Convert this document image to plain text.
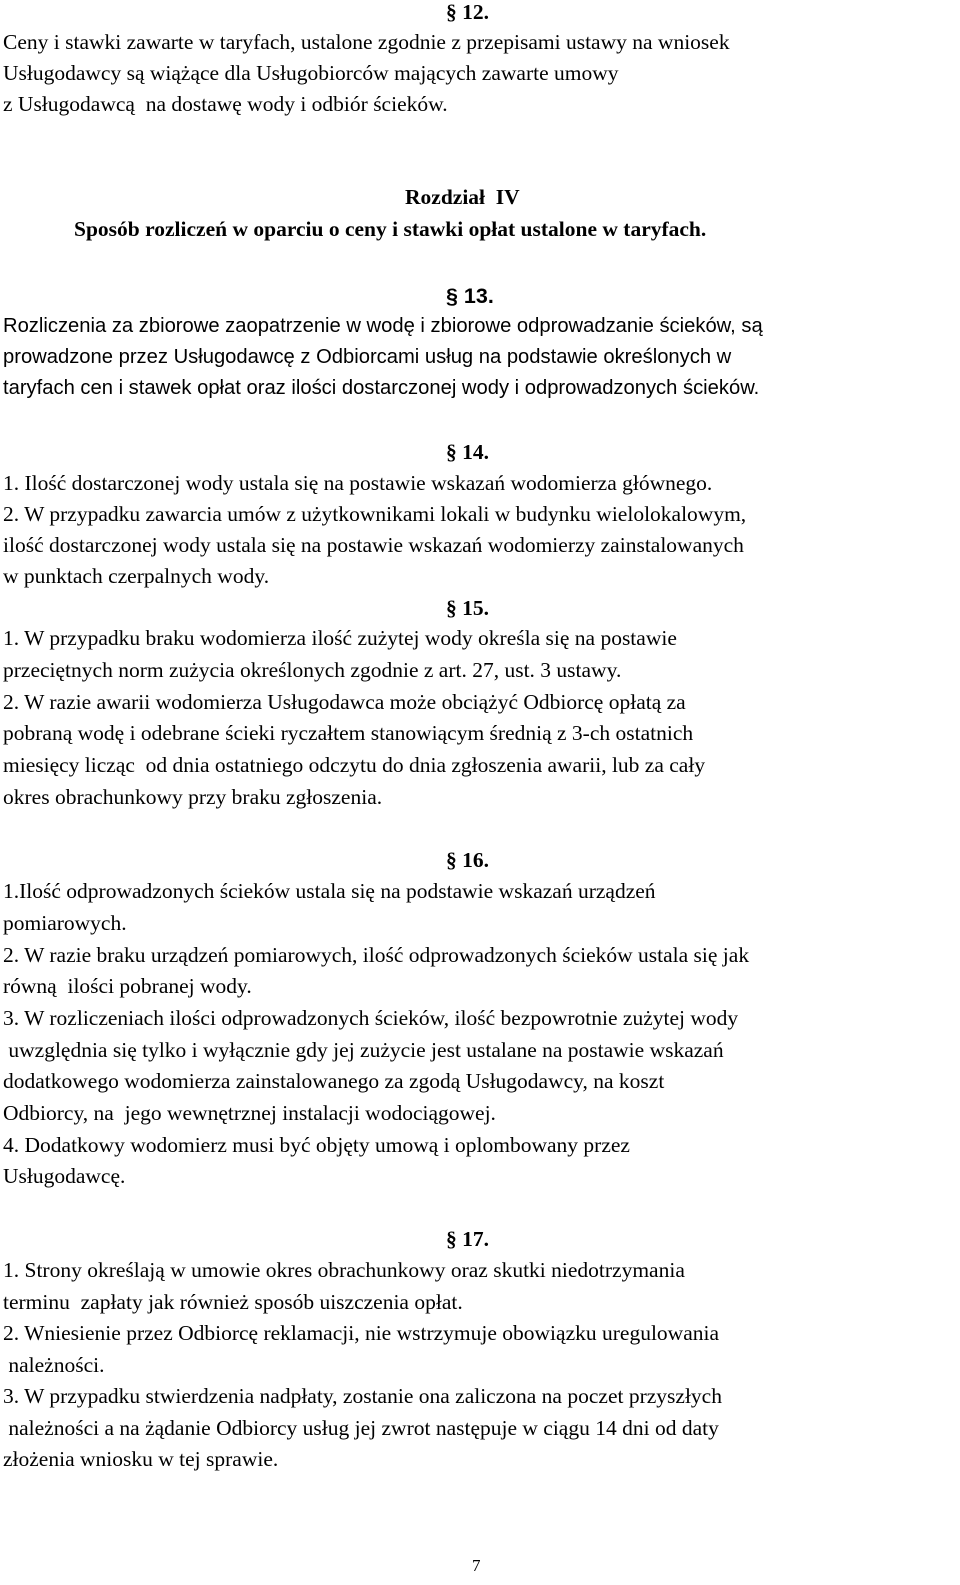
§ 12.
Ceny i stawki zawarte w taryfach, ustalone zgodnie z przepisami ustawy na wniosek
Usługodawcy są wiążące dla Usługobiorców mających zawarte umowy
z Usługodawcą  na dostawę wody i odbiór ścieków.
Rozdział  IV
Sposób rozliczeń w oparciu o ceny i stawki opłat ustalone w taryfach.
§ 13.
Rozliczenia za zbiorowe zaopatrzenie w wodę i zbiorowe odprowadzanie ścieków, są
prowadzone przez Usługodawcę z Odbiorcami usług na podstawie określonych w
taryfach cen i stawek opłat oraz ilości dostarczonej wody i odprowadzonych ścieków.
§ 14.
1. Ilość dostarczonej wody ustala się na postawie wskazań wodomierza głównego.
2. W przypadku zawarcia umów z użytkownikami lokali w budynku wielolokalowym,
ilość dostarczonej wody ustala się na postawie wskazań wodomierzy zainstalowanych
w punktach czerpalnych wody.
§ 15.
1. W przypadku braku wodomierza ilość zużytej wody określa się na postawie
przeciętnych norm zużycia określonych zgodnie z art. 27, ust. 3 ustawy.
2. W razie awarii wodomierza Usługodawca może obciążyć Odbiorcę opłatą za
pobraną wodę i odebrane ścieki ryczałtem stanowiącym średnią z 3-ch ostatnich
miesięcy licząc  od dnia ostatniego odczytu do dnia zgłoszenia awarii, lub za cały
okres obrachunkowy przy braku zgłoszenia.
§ 16.
1.Ilość odprowadzonych ścieków ustala się na podstawie wskazań urządzeń
pomiarowych.
2. W razie braku urządzeń pomiarowych, ilość odprowadzonych ścieków ustala się jak
równą  ilości pobranej wody.
3. W rozliczeniach ilości odprowadzonych ścieków, ilość bezpowrotnie zużytej wody
uwzględnia się tylko i wyłącznie gdy jej zużycie jest ustalane na postawie wskazań
dodatkowego wodomierza zainstalowanego za zgodą Usługodawcy, na koszt
Odbiorcy, na  jego wewnętrznej instalacji wodociągowej.
4. Dodatkowy wodomierz musi być objęty umową i oplombowany przez
Usługodawcę.
§ 17.
1. Strony określają w umowie okres obrachunkowy oraz skutki niedotrzymania
terminu  zapłaty jak również sposób uiszczenia opłat.
2. Wniesienie przez Odbiorcę reklamacji, nie wstrzymuje obowiązku uregulowania
należności.
3. W przypadku stwierdzenia nadpłaty, zostanie ona zaliczona na poczet przyszłych
należności a na żądanie Odbiorcy usług jej zwrot następuje w ciągu 14 dni od daty
złożenia wniosku w tej sprawie.
7
